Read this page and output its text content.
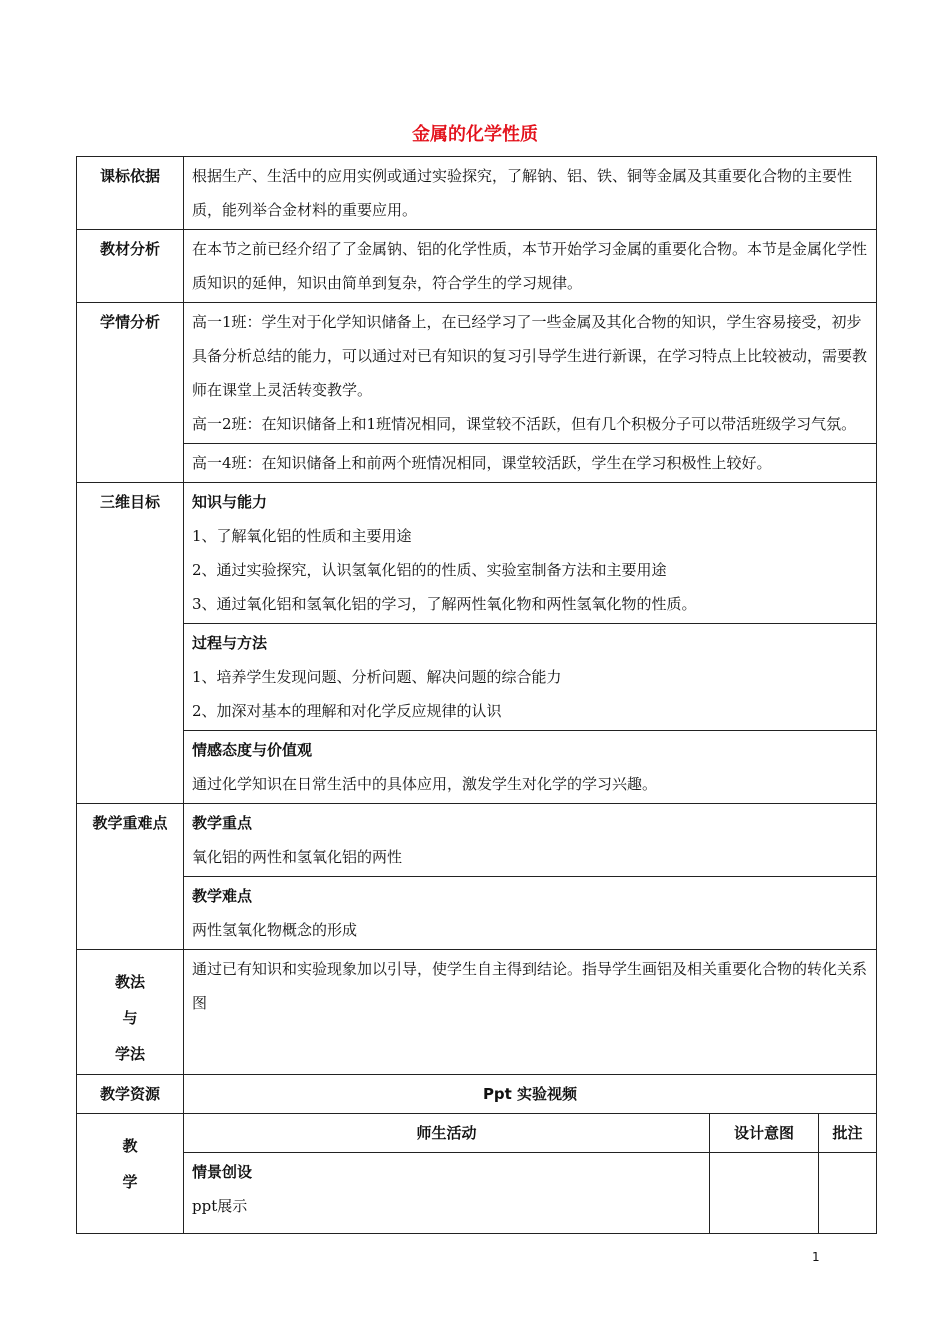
金属的化学性质
课标依据	根据生产、生活中的应用实例或通过实验探究，了解钠、铝、铁、铜等金属及其重要化合物的主要性质，能列举合金材料的重要应用。		
教材分析	在本节之前已经介绍了了金属钠、铝的化学性质，本节开始学习金属的重要化合物。本节是金属化学性质知识的延伸，知识由简单到复杂，符合学生的学习规律。		
学情分析	高一1班：学生对于化学知识储备上，在已经学习了一些金属及其化合物的知识，学生容易接受，初步具备分析总结的能力，可以通过对已有知识的复习引导学生进行新课，在学习特点上比较被动，需要教师在课堂上灵活转变教学。

高一2班：在知识储备上和1班情况相同，课堂较不活跃，但有几个积极分子可以带活班级学习气氛。		

	高一4班：在知识储备上和前两个班情况相同，课堂较活跃，学生在学习积极性上较好。		
三维目标	知识与能力
1、了解氧化铝的性质和主要用途
2、通过实验探究，认识氢氧化铝的的性质、实验室制备方法和主要用途
3、通过氧化铝和氢氧化铝的学习，了解两性氧化物和两性氢氧化物的性质。		

	过程与方法
1、培养学生发现问题、分析问题、解决问题的综合能力
2、加深对基本的理解和对化学反应规律的认识		

	情感态度与价值观
通过化学知识在日常生活中的具体应用，激发学生对化学的学习兴趣。		

教学重难点	教学重点
氧化铝的两性和氢氧化铝的两性		

	教学难点
两性氢氧化物概念的形成		

教法
与
学法	通过已有知识和实验现象加以引导，使学生自主得到结论。指导学生画铝及相关重要化合物的转化关系图		
教学资源	Ppt 实验视频		

教
学	师生活动	设计意图	批注

	情景创设
ppt展示		

1
